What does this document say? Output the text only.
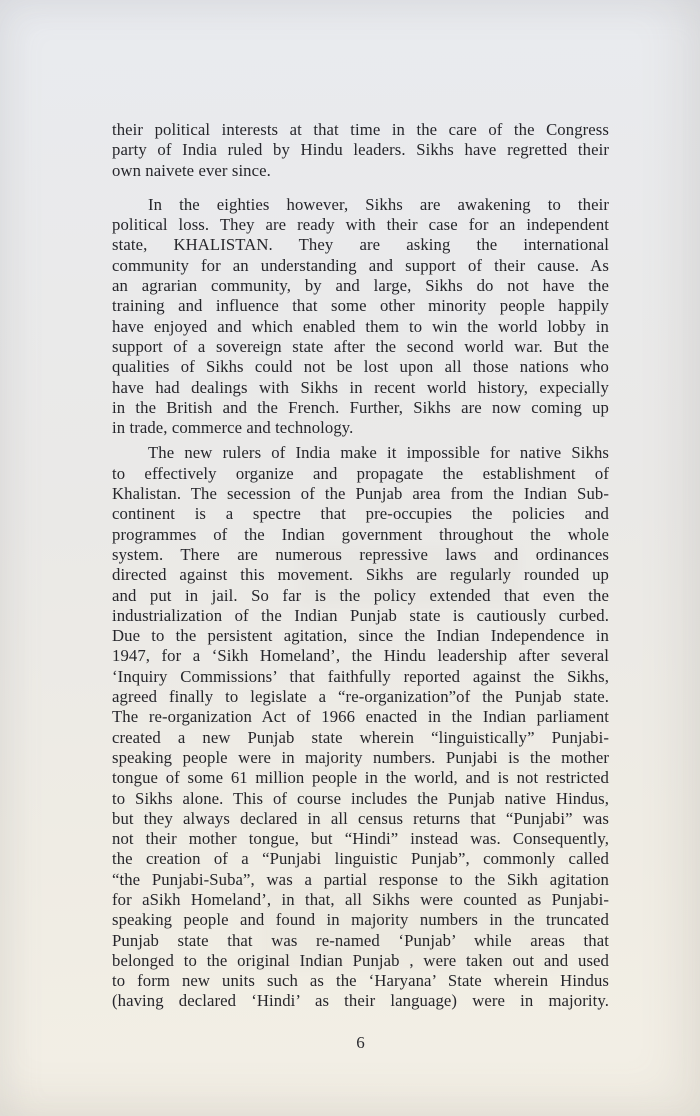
their political interests at that time in the care of the Congress
party of India ruled by Hindu leaders. Sikhs have regretted their
own naivete ever since.
In the eighties however, Sikhs are awakening to their
political loss. They are ready with their case for an independent
state, KHALISTAN. They are asking the international
community for an understanding and support of their cause. As
an agrarian community, by and large, Sikhs do not have the
training and influence that some other minority people happily
have enjoyed and which enabled them to win the world lobby in
support of a sovereign state after the second world war. But the
qualities of Sikhs could not be lost upon all those nations who
have had dealings with Sikhs in recent world history, expecially
in the British and the French. Further, Sikhs are now coming up
in trade, commerce and technology.
The new rulers of India make it impossible for native Sikhs
to effectively organize and propagate the establishment of
Khalistan. The secession of the Punjab area from the Indian Sub-
continent is a spectre that pre-occupies the policies and
programmes of the Indian government throughout the whole
system. There are numerous repressive laws and ordinances
directed against this movement. Sikhs are regularly rounded up
and put in jail. So far is the policy extended that even the
industrialization of the Indian Punjab state is cautiously curbed.
Due to the persistent agitation, since the Indian Independence in
1947, for a ‘Sikh Homeland’, the Hindu leadership after several
‘Inquiry Commissions’ that faithfully reported against the Sikhs,
agreed finally to legislate a “re-organization”of the Punjab state.
The re-organization Act of 1966 enacted in the Indian parliament
created a new Punjab state wherein “linguistically” Punjabi-
speaking people were in majority numbers. Punjabi is the mother
tongue of some 61 million people in the world, and is not restricted
to Sikhs alone. This of course includes the Punjab native Hindus,
but they always declared in all census returns that “Punjabi” was
not their mother tongue, but “Hindi” instead was. Consequently,
the creation of a “Punjabi linguistic Punjab”, commonly called
“the Punjabi-Suba”, was a partial response to the Sikh agitation
for aSikh Homeland’, in that, all Sikhs were counted as Punjabi-
speaking people and found in majority numbers in the truncated
Punjab state that was re-named ‘Punjab’ while areas that
belonged to the original Indian Punjab , were taken out and used
to form new units such as the ‘Haryana’ State wherein Hindus
(having declared ‘Hindi’ as their language) were in majority.
6
